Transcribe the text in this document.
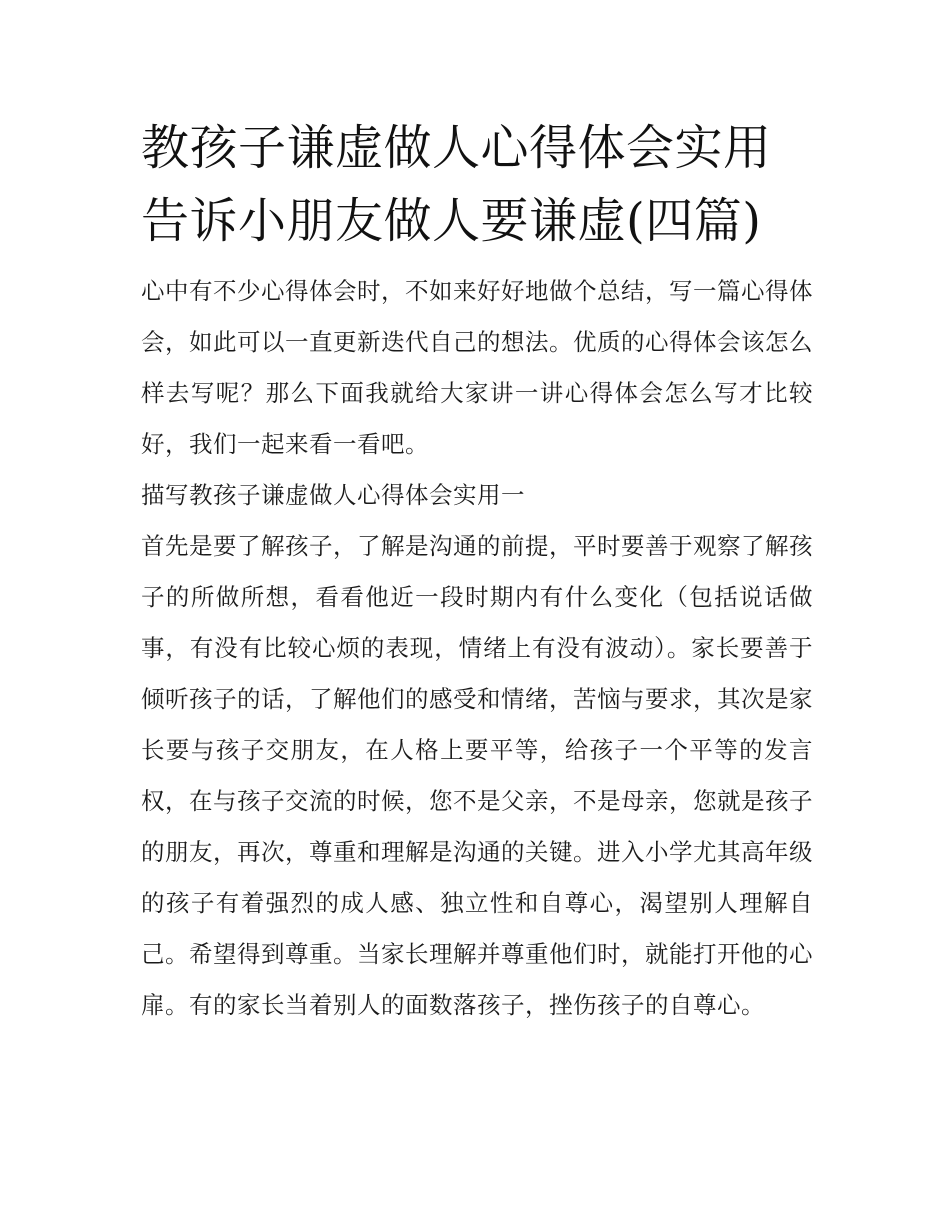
教孩子谦虚做人心得体会实用
告诉小朋友做人要谦虚(四篇)

心中有不少心得体会时，不如来好好地做个总结，写一篇心得体会，如此可以一直更新迭代自己的想法。优质的心得体会该怎么样去写呢？那么下面我就给大家讲一讲心得体会怎么写才比较好，我们一起来看一看吧。

描写教孩子谦虚做人心得体会实用一

首先是要了解孩子，了解是沟通的前提，平时要善于观察了解孩子的所做所想，看看他近一段时期内有什么变化（包括说话做事，有没有比较心烦的表现，情绪上有没有波动）。家长要善于倾听孩子的话，了解他们的感受和情绪，苦恼与要求，其次是家长要与孩子交朋友，在人格上要平等，给孩子一个平等的发言权，在与孩子交流的时候，您不是父亲，不是母亲，您就是孩子的朋友，再次，尊重和理解是沟通的关键。进入小学尤其高年级的孩子有着强烈的成人感、独立性和自尊心，渴望别人理解自己。希望得到尊重。当家长理解并尊重他们时，就能打开他的心扉。有的家长当着别人的面数落孩子，挫伤孩子的自尊心。
